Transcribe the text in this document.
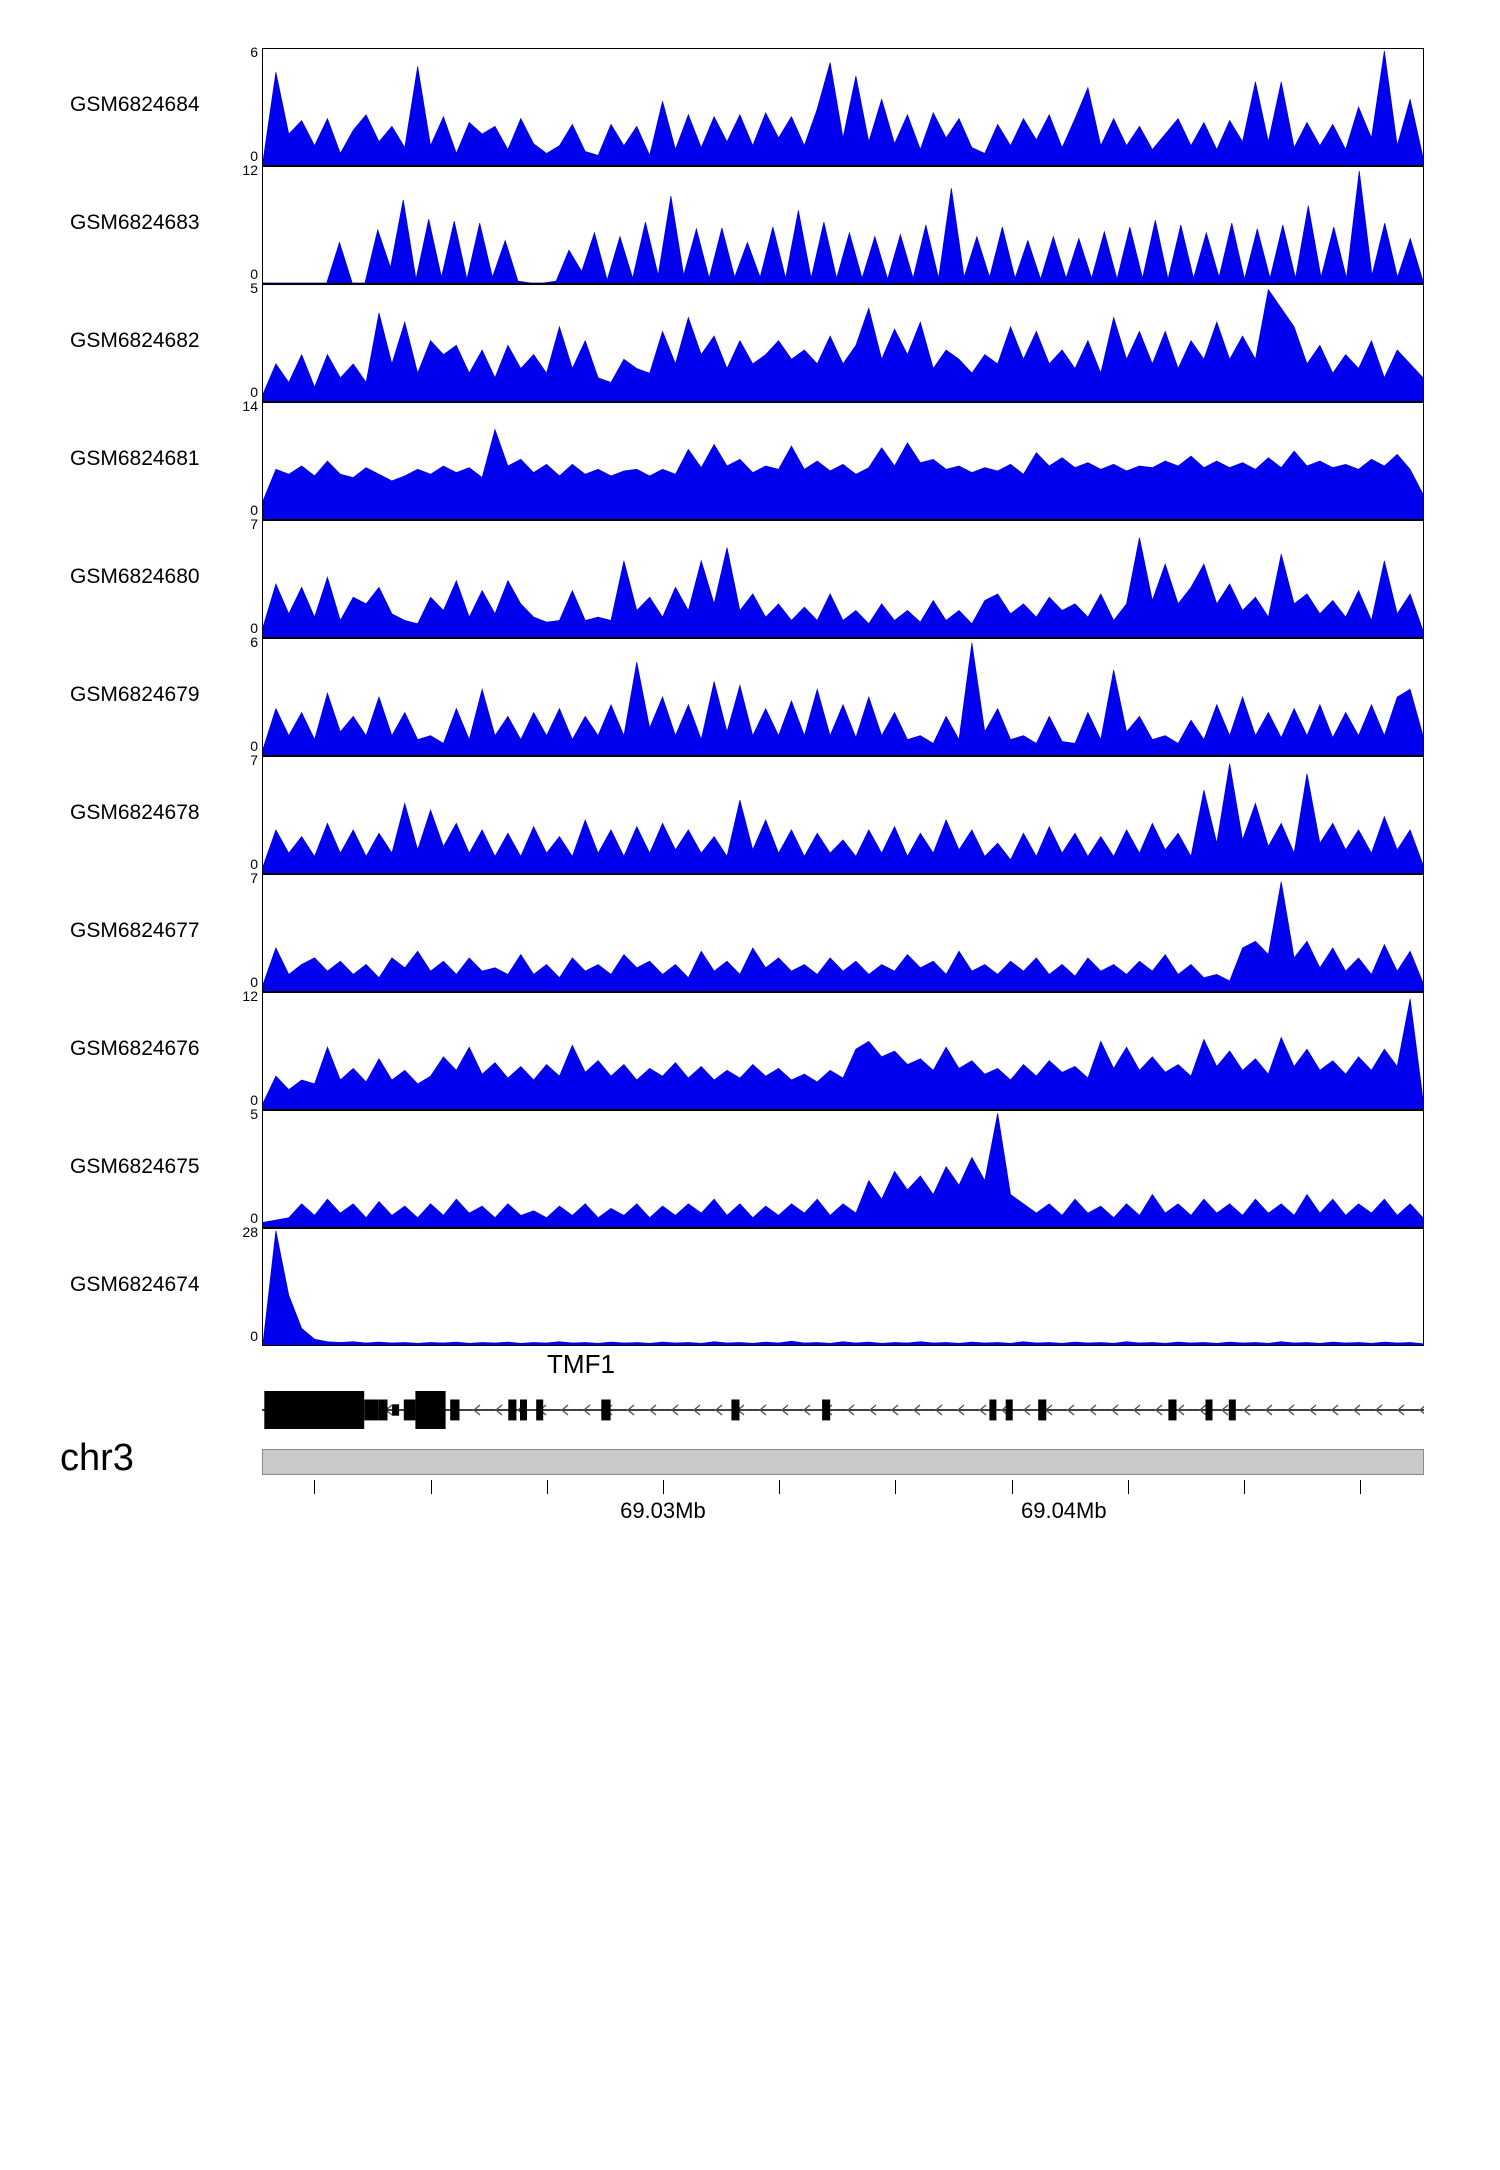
GSM6824684
6
0
GSM6824683
12
0
GSM6824682
5
0
GSM6824681
14
0
GSM6824680
7
0
GSM6824679
6
0
GSM6824678
7
0
GSM6824677
7
0
GSM6824676
12
0
GSM6824675
5
0
GSM6824674
28
0
TMF1
chr3
69.03Mb	69.04Mb
